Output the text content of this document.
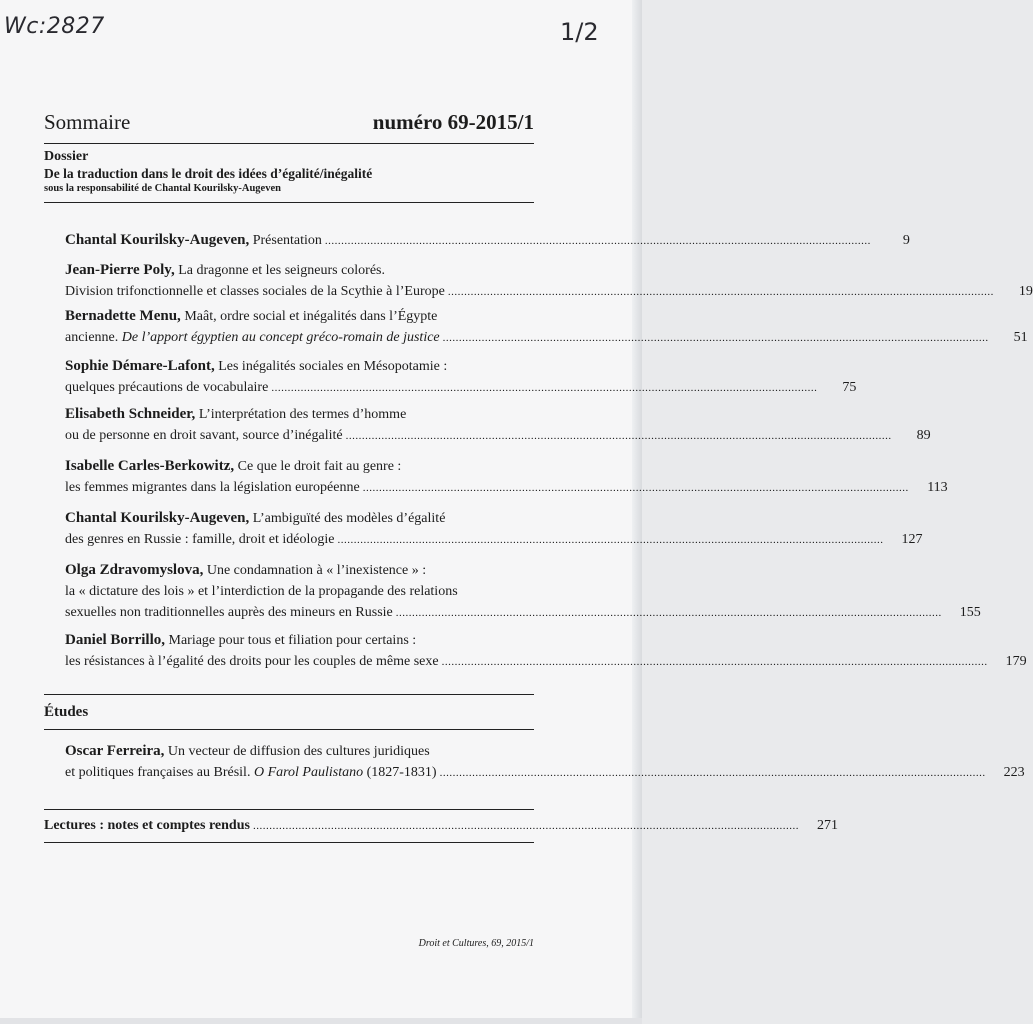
Wc:2827	1/2
Sommaire	numéro 69-2015/1
Dossier
De la traduction dans le droit des idées d’égalité/inégalité
sous la responsabilité de Chantal Kourilsky-Augeven
Chantal Kourilsky-Augeven, Présentation ........................................................................................................................................................................	9
Jean-Pierre Poly, La dragonne et les seigneurs colorés.
Division trifonctionnelle et classes sociales de la Scythie à l’Europe ........................................................................................................................................................................	19
Bernadette Menu, Maât, ordre social et inégalités dans l’Égypte
ancienne. De l’apport égyptien au concept gréco-romain de justice ........................................................................................................................................................................	51
Sophie Démare-Lafont, Les inégalités sociales en Mésopotamie :
quelques précautions de vocabulaire ........................................................................................................................................................................	75
Elisabeth Schneider, L’interprétation des termes d’homme
ou de personne en droit savant, source d’inégalité ........................................................................................................................................................................	89
Isabelle Carles-Berkowitz, Ce que le droit fait au genre :
les femmes migrantes dans la législation européenne ........................................................................................................................................................................	113
Chantal Kourilsky-Augeven, L’ambiguïté des modèles d’égalité
des genres en Russie : famille, droit et idéologie ........................................................................................................................................................................	127
Olga Zdravomyslova, Une condamnation à « l’inexistence » :
la « dictature des lois » et l’interdiction de la propagande des relations
sexuelles non traditionnelles auprès des mineurs en Russie ........................................................................................................................................................................	155
Daniel Borrillo, Mariage pour tous et filiation pour certains :
les résistances à l’égalité des droits pour les couples de même sexe ........................................................................................................................................................................	179
Études
Oscar Ferreira, Un vecteur de diffusion des cultures juridiques
et politiques françaises au Brésil. O Farol Paulistano (1827-1831) ........................................................................................................................................................................	223
Lectures : notes et comptes rendus ........................................................................................................................................................................	271
Droit et Cultures, 69, 2015/1
